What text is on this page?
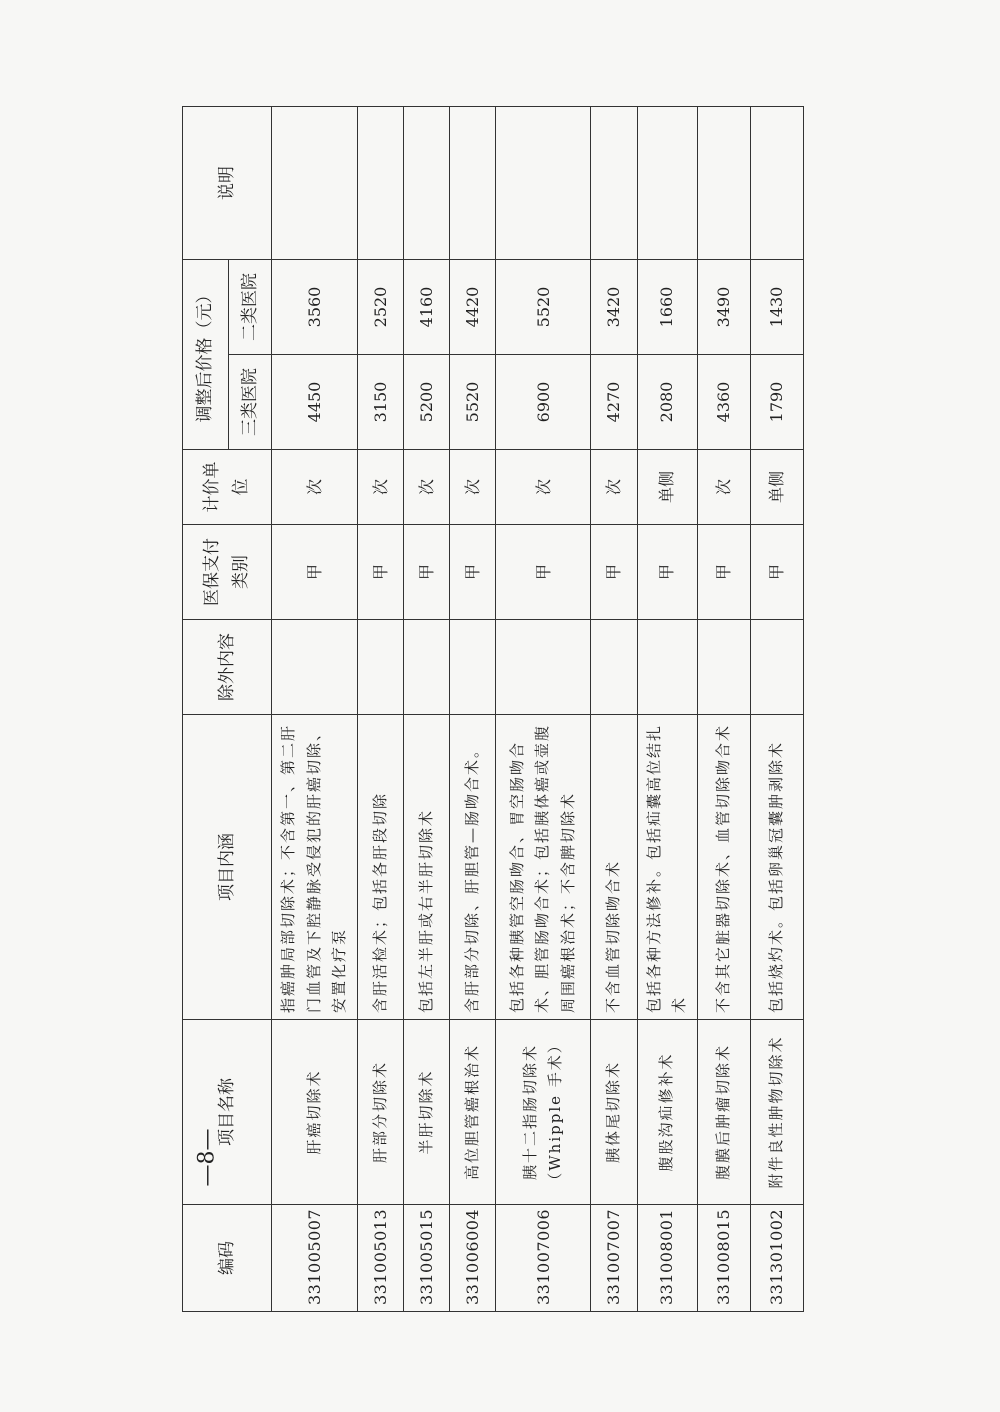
编码	项目名称	项目内涵	除外内容	医保支付类别	计价单位	调整后价格（元）		说明
						三类医院	二类医院	
331005007	肝癌切除术	指癌肿局部切除术；不含第一、第二肝门血管及下腔静脉受侵犯的肝癌切除、安置化疗泵		甲	次	4450	3560	
331005013	肝部分切除术	含肝活检术；包括各肝段切除		甲	次	3150	2520	
331005015	半肝切除术	包括左半肝或右半肝切除术		甲	次	5200	4160	
331006004	高位胆管癌根治术	含肝部分切除、肝胆管—肠吻合术。		甲	次	5520	4420	
331007006	胰十二指肠切除术（Whipple 手术）	包括各种胰管空肠吻合、胃空肠吻合术、胆管肠吻合术；包括胰体癌或壶腹周围癌根治术；不含脾切除术		甲	次	6900	5520	
331007007	胰体尾切除术	不含血管切除吻合术		甲	次	4270	3420	
331008001	腹股沟疝修补术	包括各种方法修补。包括疝囊高位结扎术		甲	单侧	2080	1660	
331008015	腹膜后肿瘤切除术	不含其它脏器切除术、血管切除吻合术		甲	次	4360	3490	
331301002	附件良性肿物切除术	包括烧灼术。包括卵巢冠囊肿剥除术		甲	单侧	1790	1430	
—8—
